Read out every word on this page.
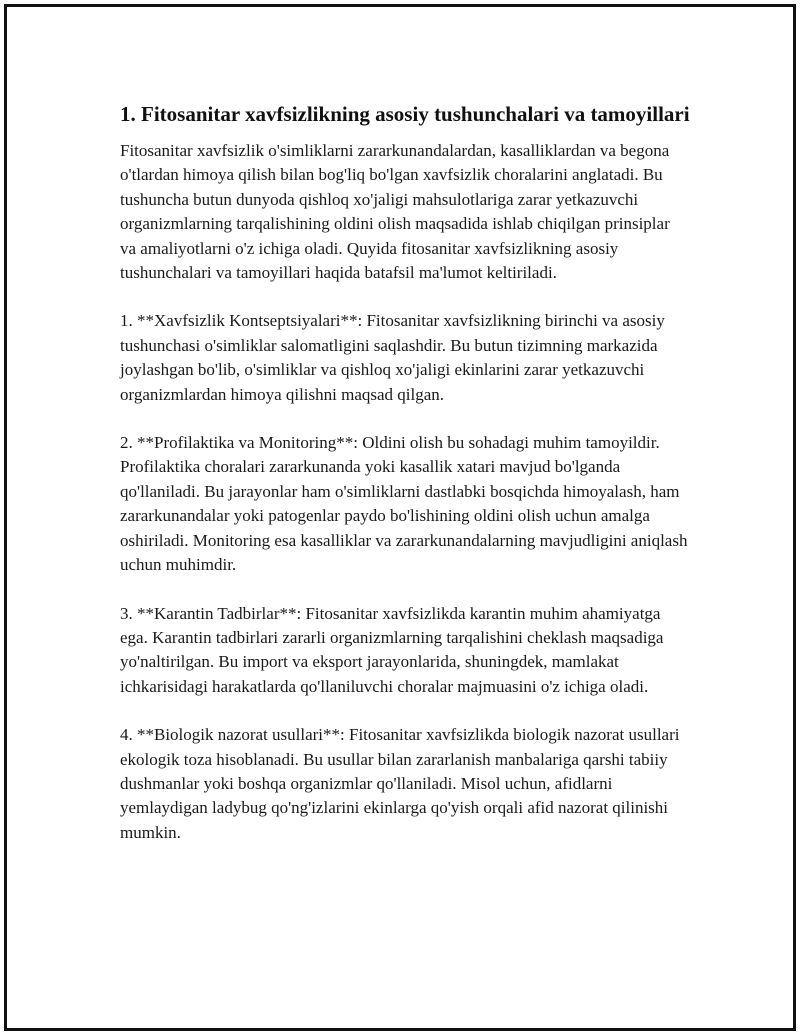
1. Fitosanitar xavfsizlikning asosiy tushunchalari va tamoyillari

Fitosanitar xavfsizlik o'simliklarni zararkunandalardan, kasalliklardan va begona o'tlardan himoya qilish bilan bog'liq bo'lgan xavfsizlik choralarini anglatadi. Bu tushuncha butun dunyoda qishloq xo'jaligi mahsulotlariga zarar yetkazuvchi organizmlarning tarqalishining oldini olish maqsadida ishlab chiqilgan prinsiplar va amaliyotlarni o'z ichiga oladi. Quyida fitosanitar xavfsizlikning asosiy tushunchalari va tamoyillari haqida batafsil ma'lumot keltiriladi.

1. **Xavfsizlik Kontseptsiyalari**: Fitosanitar xavfsizlikning birinchi va asosiy tushunchasi o'simliklar salomatligini saqlashdir. Bu butun tizimning markazida joylashgan bo'lib, o'simliklar va qishloq xo'jaligi ekinlarini zarar yetkazuvchi organizmlardan himoya qilishni maqsad qilgan.

2. **Profilaktika va Monitoring**: Oldini olish bu sohadagi muhim tamoyildir. Profilaktika choralari zararkunanda yoki kasallik xatari mavjud bo'lganda qo'llaniladi. Bu jarayonlar ham o'simliklarni dastlabki bosqichda himoyalash, ham zararkunandalar yoki patogenlar paydo bo'lishining oldini olish uchun amalga oshiriladi. Monitoring esa kasalliklar va zararkunandalarning mavjudligini aniqlash uchun muhimdir.

3. **Karantin Tadbirlar**: Fitosanitar xavfsizlikda karantin muhim ahamiyatga ega. Karantin tadbirlari zararli organizmlarning tarqalishini cheklash maqsadiga yo'naltirilgan. Bu import va eksport jarayonlarida, shuningdek, mamlakat ichkarisidagi harakatlarda qo'llaniluvchi choralar majmuasini o'z ichiga oladi.

4. **Biologik nazorat usullari**: Fitosanitar xavfsizlikda biologik nazorat usullari ekologik toza hisoblanadi. Bu usullar bilan zararlanish manbalariga qarshi tabiiy dushmanlar yoki boshqa organizmlar qo'llaniladi. Misol uchun, afidlarni yemlaydigan ladybug qo'ng'izlarini ekinlarga qo'yish orqali afid nazorat qilinishi mumkin.
